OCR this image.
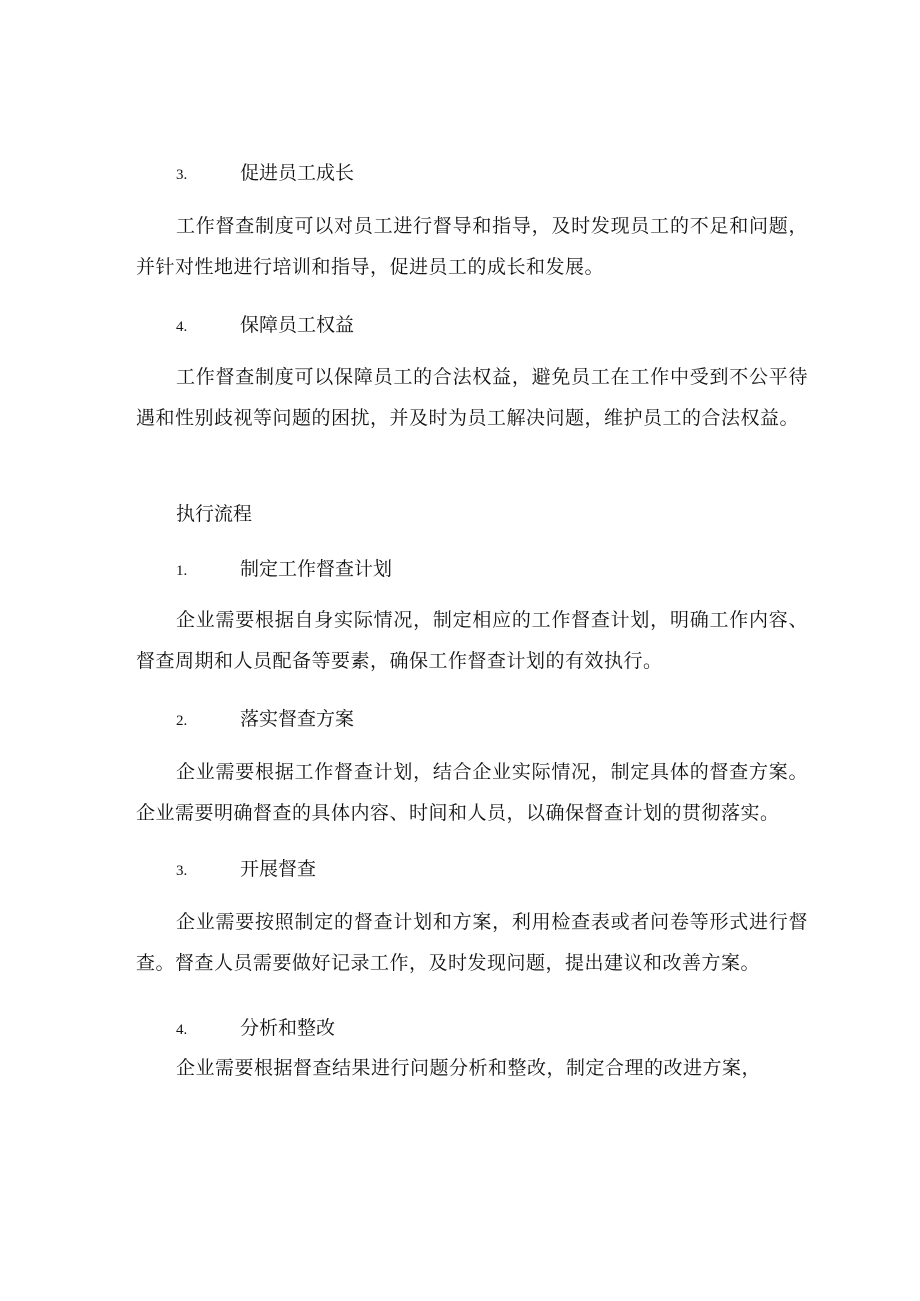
3.	促进员工成长
工作督查制度可以对员工进行督导和指导，及时发现员工的不足和问题，并针对性地进行培训和指导，促进员工的成长和发展。
4.	保障员工权益
工作督查制度可以保障员工的合法权益，避免员工在工作中受到不公平待遇和性别歧视等问题的困扰，并及时为员工解决问题，维护员工的合法权益。
执行流程
1.	制定工作督查计划
企业需要根据自身实际情况，制定相应的工作督查计划，明确工作内容、督查周期和人员配备等要素，确保工作督查计划的有效执行。
2.	落实督查方案
企业需要根据工作督查计划，结合企业实际情况，制定具体的督查方案。企业需要明确督查的具体内容、时间和人员，以确保督查计划的贯彻落实。
3.	开展督查
企业需要按照制定的督查计划和方案，利用检查表或者问卷等形式进行督查。督查人员需要做好记录工作，及时发现问题，提出建议和改善方案。
4.	分析和整改
企业需要根据督查结果进行问题分析和整改，制定合理的改进方案，
